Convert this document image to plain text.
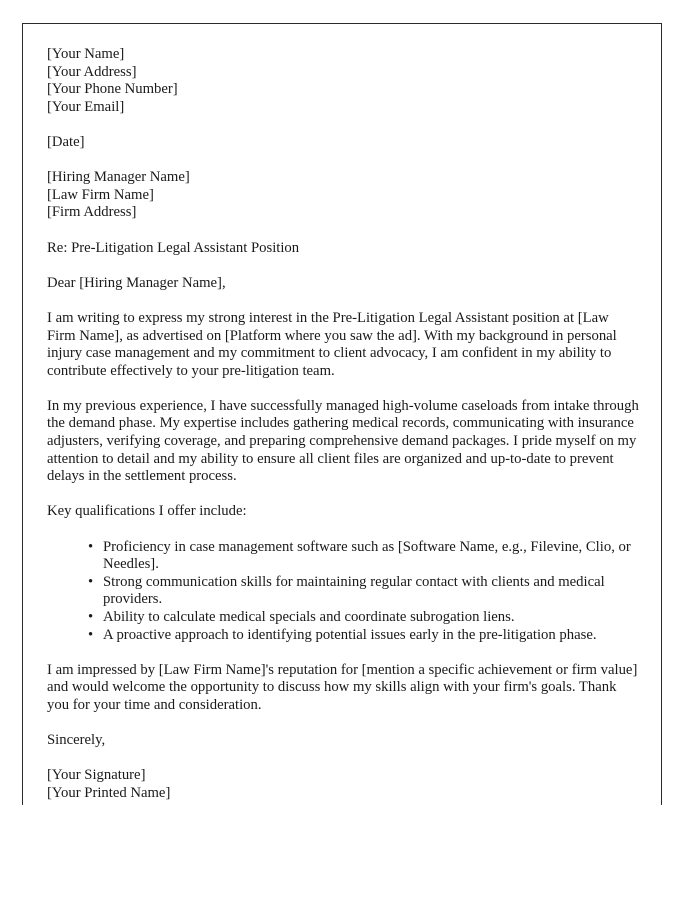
[Your Name]
[Your Address]
[Your Phone Number]
[Your Email]
[Date]
[Hiring Manager Name]
[Law Firm Name]
[Firm Address]
Re: Pre-Litigation Legal Assistant Position
Dear [Hiring Manager Name],

I am writing to express my strong interest in the Pre-Litigation Legal Assistant position at [Law Firm Name], as advertised on [Platform where you saw the ad]. With my background in personal injury case management and my commitment to client advocacy, I am confident in my ability to contribute effectively to your pre-litigation team.

In my previous experience, I have successfully managed high-volume caseloads from intake through the demand phase. My expertise includes gathering medical records, communicating with insurance adjusters, verifying coverage, and preparing comprehensive demand packages. I pride myself on my attention to detail and my ability to ensure all client files are organized and up-to-date to prevent delays in the settlement process.

Key qualifications I offer include:

• Proficiency in case management software such as [Software Name, e.g., Filevine, Clio, or Needles].
• Strong communication skills for maintaining regular contact with clients and medical providers.
• Ability to calculate medical specials and coordinate subrogation liens.
• A proactive approach to identifying potential issues early in the pre-litigation phase.

I am impressed by [Law Firm Name]'s reputation for [mention a specific achievement or firm value] and would welcome the opportunity to discuss how my skills align with your firm's goals. Thank you for your time and consideration.

Sincerely,
[Your Signature]
[Your Printed Name]
